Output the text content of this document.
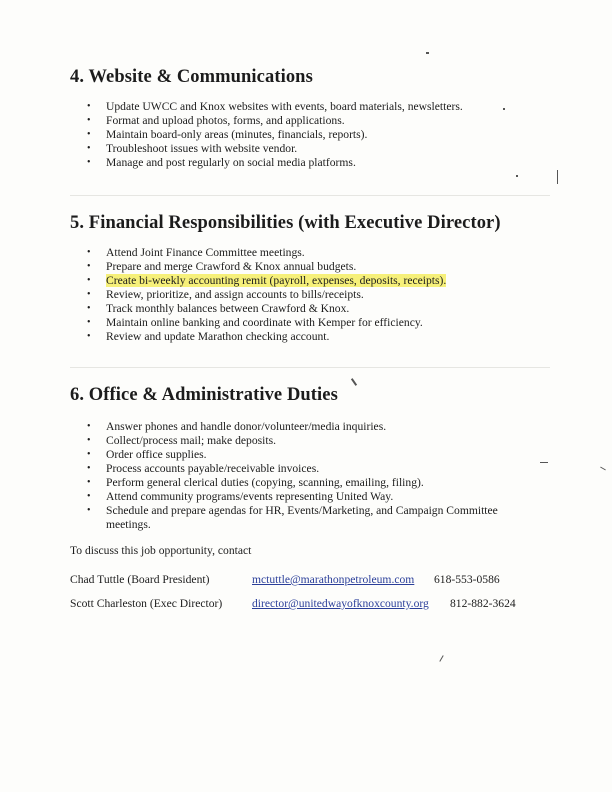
4. Website & Communications
• Update UWCC and Knox websites with events, board materials, newsletters.
• Format and upload photos, forms, and applications.
• Maintain board-only areas (minutes, financials, reports).
• Troubleshoot issues with website vendor.
• Manage and post regularly on social media platforms.
5. Financial Responsibilities (with Executive Director)
• Attend Joint Finance Committee meetings.
• Prepare and merge Crawford & Knox annual budgets.
• Create bi-weekly accounting remit (payroll, expenses, deposits, receipts).
• Review, prioritize, and assign accounts to bills/receipts.
• Track monthly balances between Crawford & Knox.
• Maintain online banking and coordinate with Kemper for efficiency.
• Review and update Marathon checking account.
6. Office & Administrative Duties
• Answer phones and handle donor/volunteer/media inquiries.
• Collect/process mail; make deposits.
• Order office supplies.
• Process accounts payable/receivable invoices.
• Perform general clerical duties (copying, scanning, emailing, filing).
• Attend community programs/events representing United Way.
• Schedule and prepare agendas for HR, Events/Marketing, and Campaign Committee meetings.
To discuss this job opportunity, contact
Chad Tuttle (Board President)	mctuttle@marathonpetroleum.com 618-553-0586
Scott Charleston (Exec Director)	director@unitedwayofknoxcounty.org 812-882-3624
